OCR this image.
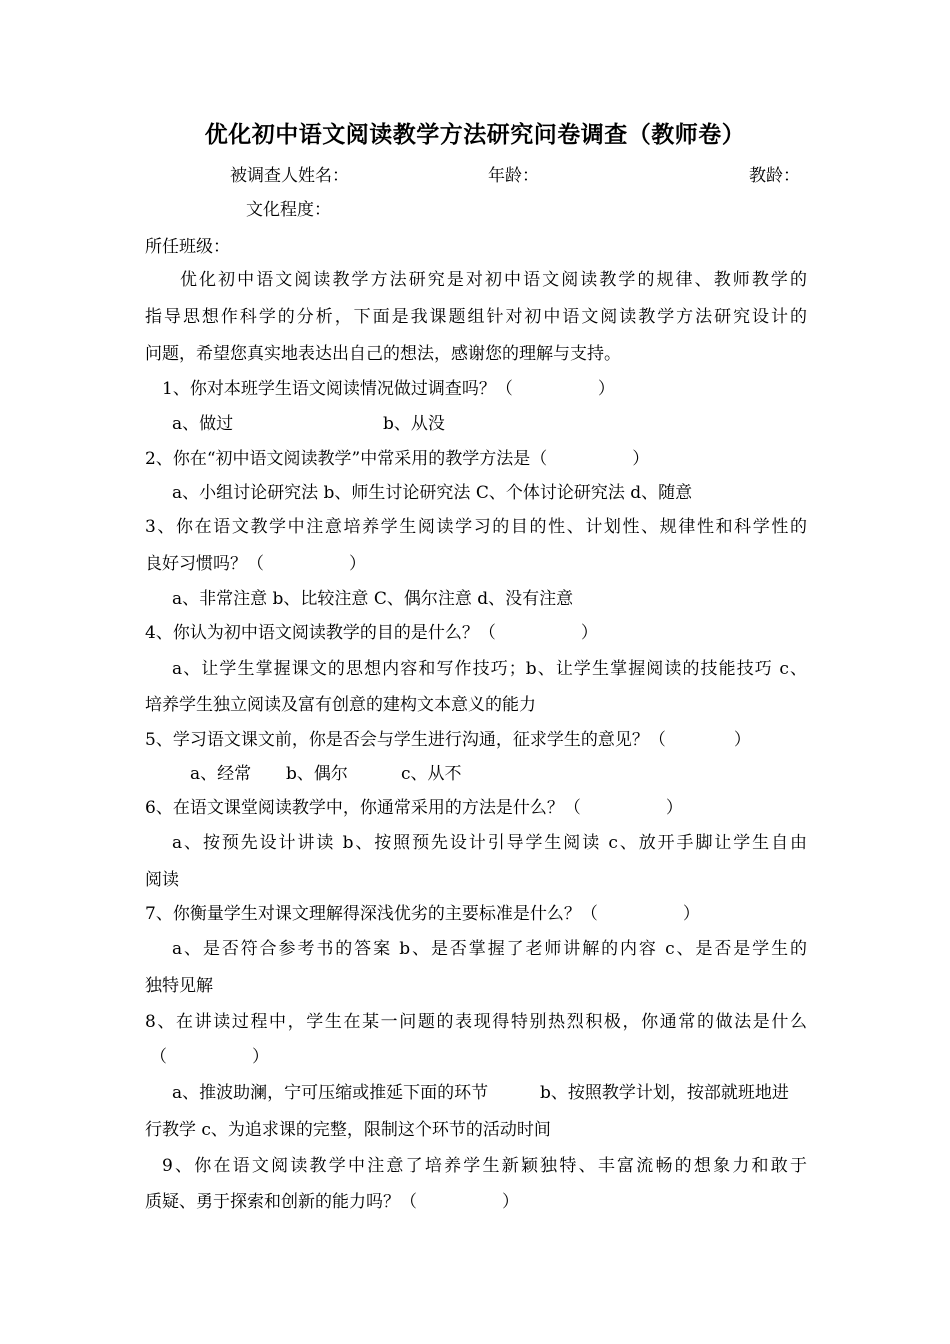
优化初中语文阅读教学方法研究问卷调查（教师卷）
被调查人姓名：	年龄：	教龄：
文化程度：
所任班级：
优化初中语文阅读教学方法研究是对初中语文阅读教学的规律、教师教学的
指导思想作科学的分析，下面是我课题组针对初中语文阅读教学方法研究设计的
问题，希望您真实地表达出自己的想法，感谢您的理解与支持。
1、你对本班学生语文阅读情况做过调查吗？（　　　　　）
a、做过	b、从没
2、你在“初中语文阅读教学”中常采用的教学方法是（　　　　　）
a、小组讨论研究法 b、师生讨论研究法 C、个体讨论研究法 d、随意
3、你在语文教学中注意培养学生阅读学习的目的性、计划性、规律性和科学性的
良好习惯吗？（　　　　　）
a、非常注意 b、比较注意 C、偶尔注意 d、没有注意
4、你认为初中语文阅读教学的目的是什么？（　　　　　）
a、让学生掌握课文的思想内容和写作技巧；b、让学生掌握阅读的技能技巧 c、
培养学生独立阅读及富有创意的建构文本意义的能力
5、学习语文课文前，你是否会与学生进行沟通，征求学生的意见？（　　　　）
a、经常 b、偶尔	c、从不
6、在语文课堂阅读教学中，你通常采用的方法是什么？（　　　　　）
a、按预先设计讲读 b、按照预先设计引导学生阅读 c、放开手脚让学生自由
阅读
7、你衡量学生对课文理解得深浅优劣的主要标准是什么？（　　　　　）
a、是否符合参考书的答案 b、是否掌握了老师讲解的内容 c、是否是学生的
独特见解
8、在讲读过程中，学生在某一问题的表现得特别热烈积极，你通常的做法是什么
（　　　　　）
a、推波助澜，宁可压缩或推延下面的环节	b、按照教学计划，按部就班地进
行教学 c、为追求课的完整，限制这个环节的活动时间
9、你在语文阅读教学中注意了培养学生新颖独特、丰富流畅的想象力和敢于
质疑、勇于探索和创新的能力吗？（　　　　　）
